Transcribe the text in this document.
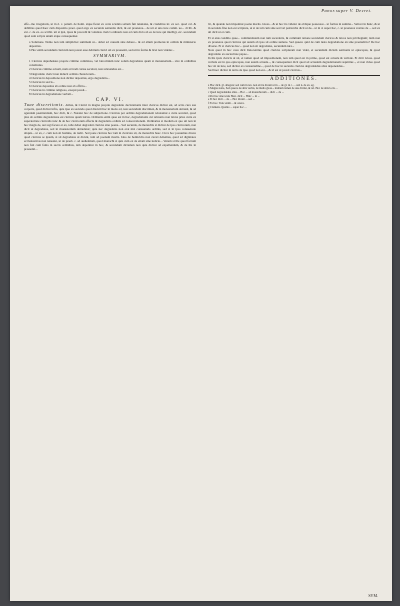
Panor.super V. Decret.
effe...mo irregularis, ut in d. c. penult. de homi. sique fieret ex certa scientia saltem fuit ieiunatus, & crudelitas irr. ex sec. quod cal. & debilitas quod haec cum dispositio praet. quod ergo ex secunda sententia dicit, & est praeterea... de uti et uno iure comm. uo... di lib. & ext. c. de ex. eo scribit. uti si ipsi, ipsas & procedit & voluntas clerici ordinaris non ad cum dicta ab ea de iure qui intelligi, etc. secundum quod sunt scripta unum atque consequenter.
a Solutione. Nemo non tam simpliciter summam ut... debet ad causam sine debere... & ad alium promotus in ordinis & ministerio depositus.
b Hoc enim secundum clericum non potest esse debitum clerici uti ex praesenti, sed uti in forma & licet non videtur...
SVMMARIVM.
1 Clericus deprehensus proprie crimine commisso, vel latrocinium tunc solum degradatus quam si monasterium... sive in ordinibus constitutus.
2 Clericus crimine actuali, nam ad tradi curiae seculari, non relaxandus est...
3 Degradatio clerici non inducit ordinis characterem...
4 Clericus in depositione non dicitur depositus, ergo degradatio...
5 Clericus in sacris...
6 Clericus depositus ab ordine non ab officio...
7 Clericus in crimine religioso, exequi possit...
8 Clericus in degradatione verbali...
CAP. VI.
Tuae discretionis. Abbas, & Clerici in magna proprie degradatio declarationis inter clericos dicitur est, ad actio cura sua corporis, quod dicitur infra, quia ipse ex secundo quod discutit hoc in modo ad, non secundum discrimen, & in monasterium detrusit, & ad agendam paenitentiam, hoc dicit, & c. Notatur hoc de subjectione. Clericus per ordinis degradationem relaxantur a curia seculari, quod plus ab ordinis degradatione est clericus quam laicus. Ordinatio enim quae est in hoc, degradationis cui relaxatio non laicus prius curia ex superioritate clericalis tunc & de hoc clericorum effectu & degradatio ordinis ad consecrationem. Ordinarius si modum ex quo uti non in hoc magis de, aut regi facere et ex, tolle debet degradari clericus sine poena... Sed secunda, de monachis si dicitur de ipso clericorum, non dicit ut degradatus, sed in monasterium detrudatur; quia nec degradatio non erat nisi consuetudo ordinis, sed si in ipso consuetudo aliquis... ut ex, c. cum non ab homine, de iudic. Sed pone clericus hoc iam in clericatu sit, de monachis haec. Circa hoc possumus dicere quod clericus se ipsum, si sit degradatus ut dicunt, tum ad poenam mortis. Ideo de homicidio non curari debemus, quod ad dignitates ecclesiasticas non teneatur, ut de praeb. c. ad audientiam, quod monachi si quis cum ex de etiam sine iudicio... Verum si ille quod factum non fuit cum fama in sacris ordinibus, iam deponitur in hoc, & secundum dictamen non quia dicitur ad expellendum, & de his in praesenti...
lic, & quando non imponitur poena mortis. Gloss... & ut hoc ita videtur de oblique possessor... ut fortius in summa... Salicet in hunc, & ut in secundo fine non est scriptura, ut si de tali cum sine sed vel patriarcha dicit ut de... ut in d. super hoc, c. ut praeterea vestras de ... sed ex uti dicit ut et cum.
Et si eius conditio quae... communitatem non tum sacerdotis, & communi ratione secundum clericos & laicos non privilegium; item non ex praeterea quod clericus qui autem ab ipso sit ordine sumere. Sed quaero quid de cum iusta degradatione an sine praeiudicio? De hoc diverse. Et si clericus hoc... quod non sit degradatus, secundum iura...
Nota quod in hoc casu dicit Innocentius quod clericus scripturam non videt, et secundum dictum sermonis ut episcopus, & quod degradatio ex auctoritate papae...
In his ipsis clericis ut sit, et tamen quod ad impositionem, non tam quod est in primo, quod est actuale & verbale. Et dicit Gloss. quod verbale est in quo episcopus, non autem actuale..., & consequenter dicit quod ad actualem degradationem requiritur..., et non video quod hoc sit de iure, sed dicitur ex consuetudine..., quod de hoc in secundo clericus degradandus alias deponendus...
Sed haec dicitur in tertio de ipso quod non est..., & id est ut possit clericus...
ADDITIONES.
a Hoc dicit. gl. allegata: sed cum in tex. non sit ita dicunt ut in ... de gl. in c. ... sub n. de ex. eg.
b Magna notio, Sed quaero de aliis verbis, de multa gloss... multum tamen de usu dicitur, & rel. Hoc de aliis locis ...
c Quod degradandus alias ... Hoc ... ad monachorum ... dicit ... de ...
d Per hoc sine textu Host. dicit ... Hinc ... in ...
e Et hoc dicit ... de ... Hoc dicunt ... sed ...
f Ex hoc. Tunc enim ... & cetera.
g Clemens. Quanto ... super hoc ...
SVM.
